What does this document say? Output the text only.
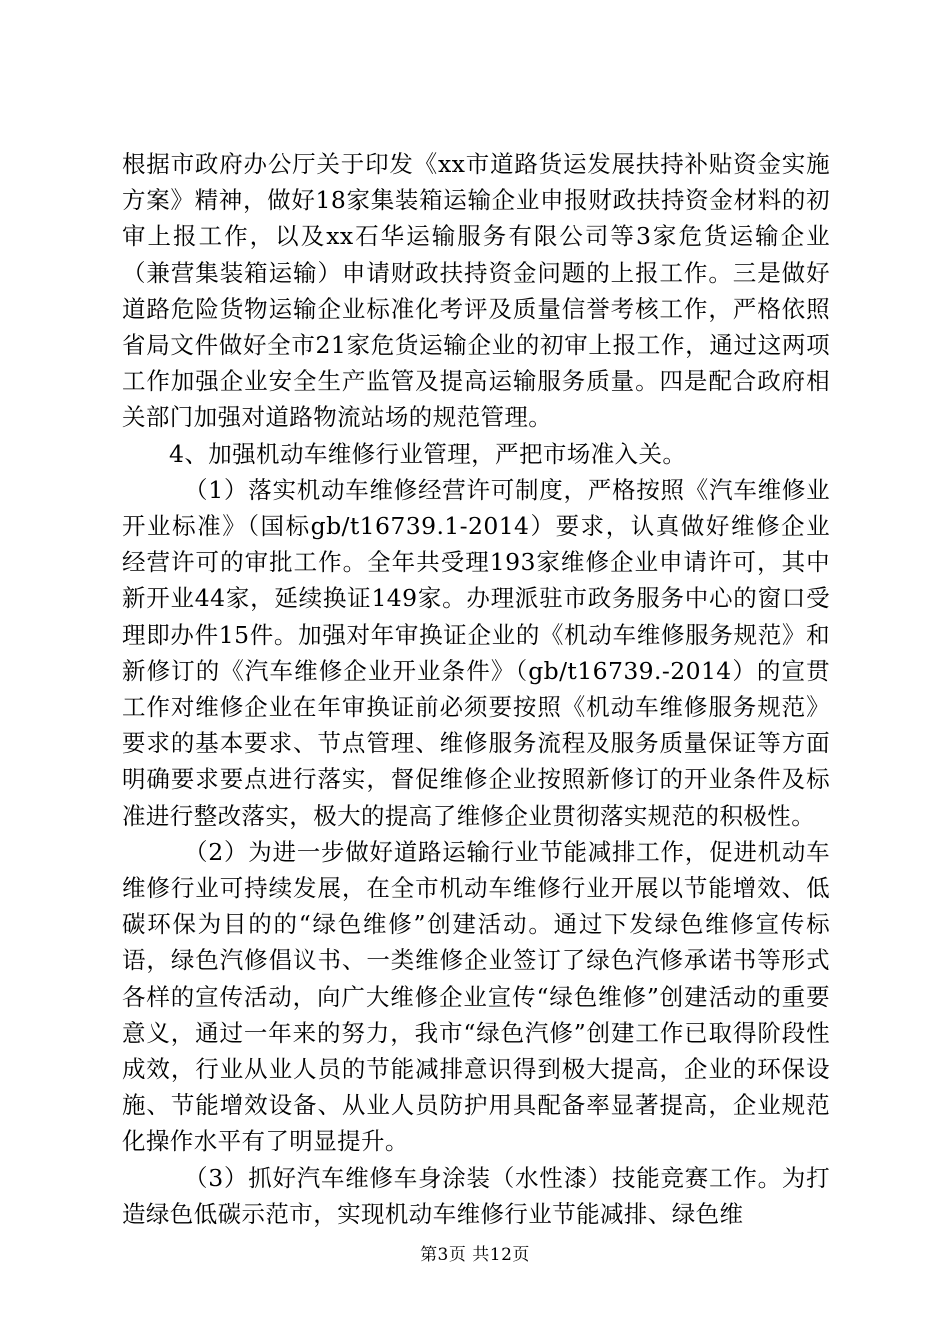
根据市政府办公厅关于印发《xx市道路货运发展扶持补贴资金实施方案》精神，做好18家集装箱运输企业申报财政扶持资金材料的初审上报工作，以及xx石华运输服务有限公司等3家危货运输企业（兼营集装箱运输）申请财政扶持资金问题的上报工作。三是做好道路危险货物运输企业标准化考评及质量信誉考核工作，严格依照省局文件做好全市21家危货运输企业的初审上报工作，通过这两项工作加强企业安全生产监管及提高运输服务质量。四是配合政府相关部门加强对道路物流站场的规范管理。

4、加强机动车维修行业管理，严把市场准入关。

（1）落实机动车维修经营许可制度，严格按照《汽车维修业开业标准》（国标gb/t16739.1-2014）要求，认真做好维修企业经营许可的审批工作。全年共受理193家维修企业申请许可，其中新开业44家，延续换证149家。办理派驻市政务服务中心的窗口受理即办件15件。加强对年审换证企业的《机动车维修服务规范》和新修订的《汽车维修企业开业条件》（gb/t16739.-2014）的宣贯工作对维修企业在年审换证前必须要按照《机动车维修服务规范》要求的基本要求、节点管理、维修服务流程及服务质量保证等方面明确要求要点进行落实，督促维修企业按照新修订的开业条件及标准进行整改落实，极大的提高了维修企业贯彻落实规范的积极性。

（2）为进一步做好道路运输行业节能减排工作，促进机动车维修行业可持续发展，在全市机动车维修行业开展以节能增效、低碳环保为目的的“绿色维修”创建活动。通过下发绿色维修宣传标语，绿色汽修倡议书、一类维修企业签订了绿色汽修承诺书等形式各样的宣传活动，向广大维修企业宣传“绿色维修”创建活动的重要意义，通过一年来的努力，我市“绿色汽修”创建工作已取得阶段性成效，行业从业人员的节能减排意识得到极大提高，企业的环保设施、节能增效设备、从业人员防护用具配备率显著提高，企业规范化操作水平有了明显提升。

（3）抓好汽车维修车身涂装（水性漆）技能竞赛工作。为打造绿色低碳示范市，实现机动车维修行业节能减排、绿色维

第3页 共12页
